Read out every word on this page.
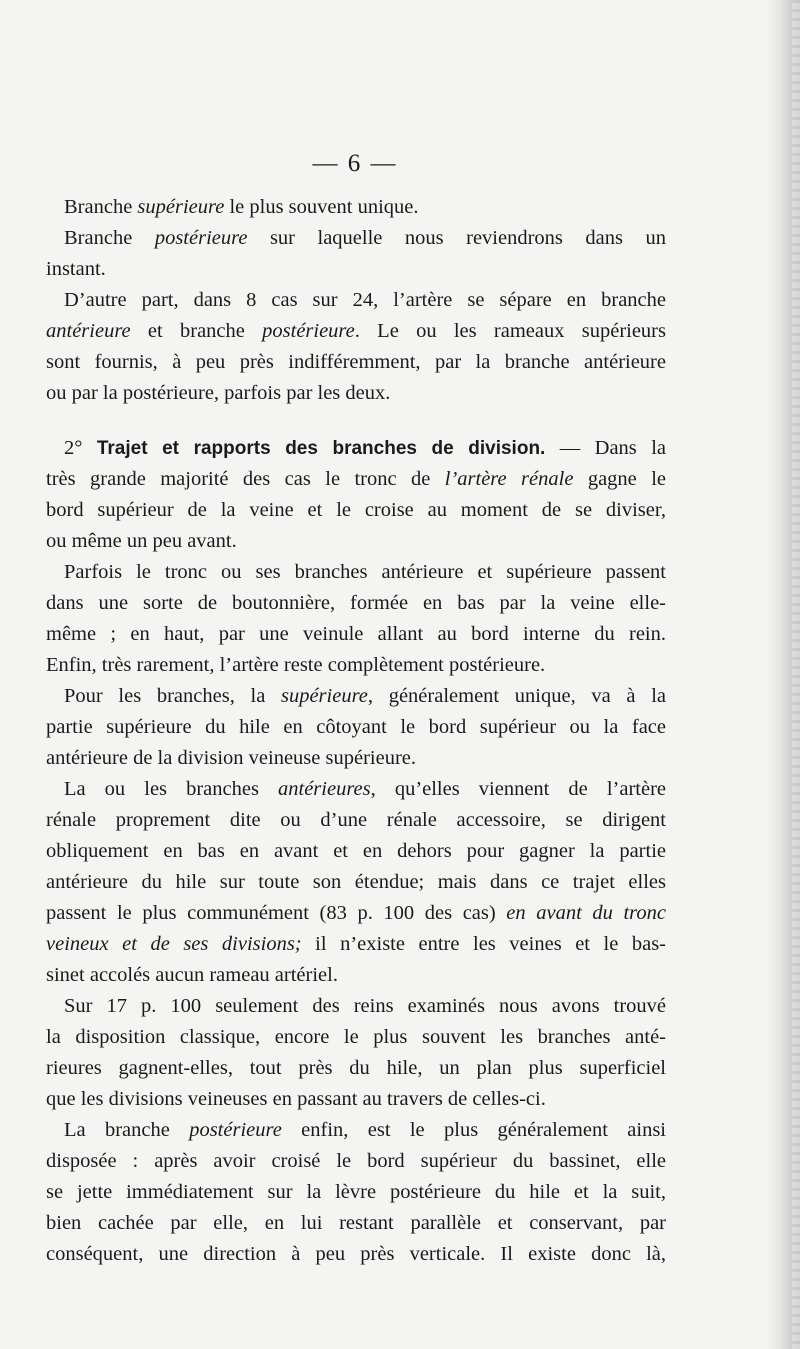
— 6 —
Branche supérieure le plus souvent unique.
Branche postérieure sur laquelle nous reviendrons dans un
instant.
D’autre part, dans 8 cas sur 24, l’artère se sépare en branche
antérieure et branche postérieure. Le ou les rameaux supérieurs
sont fournis, à peu près indifféremment, par la branche antérieure
ou par la postérieure, parfois par les deux.
2° Trajet et rapports des branches de division. — Dans la
très grande majorité des cas le tronc de l’artère rénale gagne le
bord supérieur de la veine et le croise au moment de se diviser,
ou même un peu avant.
Parfois le tronc ou ses branches antérieure et supérieure passent
dans une sorte de boutonnière, formée en bas par la veine elle-
même ; en haut, par une veinule allant au bord interne du rein.
Enfin, très rarement, l’artère reste complètement postérieure.
Pour les branches, la supérieure, généralement unique, va à la
partie supérieure du hile en côtoyant le bord supérieur ou la face
antérieure de la division veineuse supérieure.
La ou les branches antérieures, qu’elles viennent de l’artère
rénale proprement dite ou d’une rénale accessoire, se dirigent
obliquement en bas en avant et en dehors pour gagner la partie
antérieure du hile sur toute son étendue; mais dans ce trajet elles
passent le plus communément (83 p. 100 des cas) en avant du tronc
veineux et de ses divisions; il n’existe entre les veines et le bas-
sinet accolés aucun rameau artériel.
Sur 17 p. 100 seulement des reins examinés nous avons trouvé
la disposition classique, encore le plus souvent les branches anté-
rieures gagnent-elles, tout près du hile, un plan plus superficiel
que les divisions veineuses en passant au travers de celles-ci.
La branche postérieure enfin, est le plus généralement ainsi
disposée : après avoir croisé le bord supérieur du bassinet, elle
se jette immédiatement sur la lèvre postérieure du hile et la suit,
bien cachée par elle, en lui restant parallèle et conservant, par
conséquent, une direction à peu près verticale. Il existe donc là,
